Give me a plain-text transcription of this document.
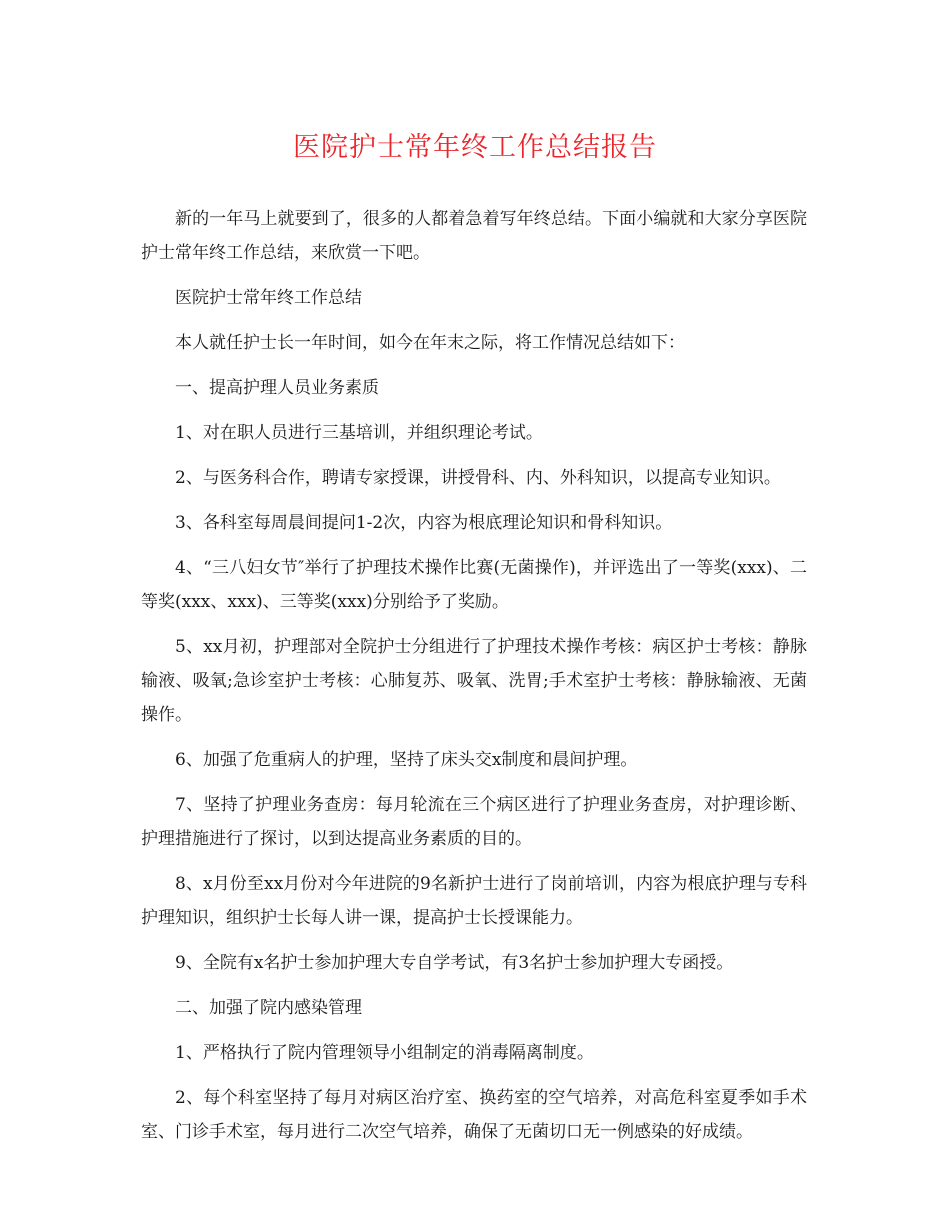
医院护士常年终工作总结报告

新的一年马上就要到了，很多的人都着急着写年终总结。下面小编就和大家分享医院护士常年终工作总结，来欣赏一下吧。

医院护士常年终工作总结

本人就任护士长一年时间，如今在年末之际，将工作情况总结如下：

一、提高护理人员业务素质

1、对在职人员进行三基培训，并组织理论考试。

2、与医务科合作，聘请专家授课，讲授骨科、内、外科知识，以提高专业知识。

3、各科室每周晨间提问1-2次，内容为根底理论知识和骨科知识。

4、“三八妇女节″举行了护理技术操作比赛(无菌操作)，并评选出了一等奖(xxx)、二等奖(xxx、xxx)、三等奖(xxx)分别给予了奖励。

5、xx月初，护理部对全院护士分组进行了护理技术操作考核：病区护士考核：静脉输液、吸氧;急诊室护士考核：心肺复苏、吸氧、洗胃;手术室护士考核：静脉输液、无菌操作。

6、加强了危重病人的护理，坚持了床头交x制度和晨间护理。

7、坚持了护理业务查房：每月轮流在三个病区进行了护理业务查房，对护理诊断、护理措施进行了探讨，以到达提高业务素质的目的。

8、x月份至xx月份对今年进院的9名新护士进行了岗前培训，内容为根底护理与专科护理知识，组织护士长每人讲一课，提高护士长授课能力。

9、全院有x名护士参加护理大专自学考试，有3名护士参加护理大专函授。

二、加强了院内感染管理

1、严格执行了院内管理领导小组制定的消毒隔离制度。

2、每个科室坚持了每月对病区治疗室、换药室的空气培养，对高危科室夏季如手术室、门诊手术室，每月进行二次空气培养，确保了无菌切口无一例感染的好成绩。
